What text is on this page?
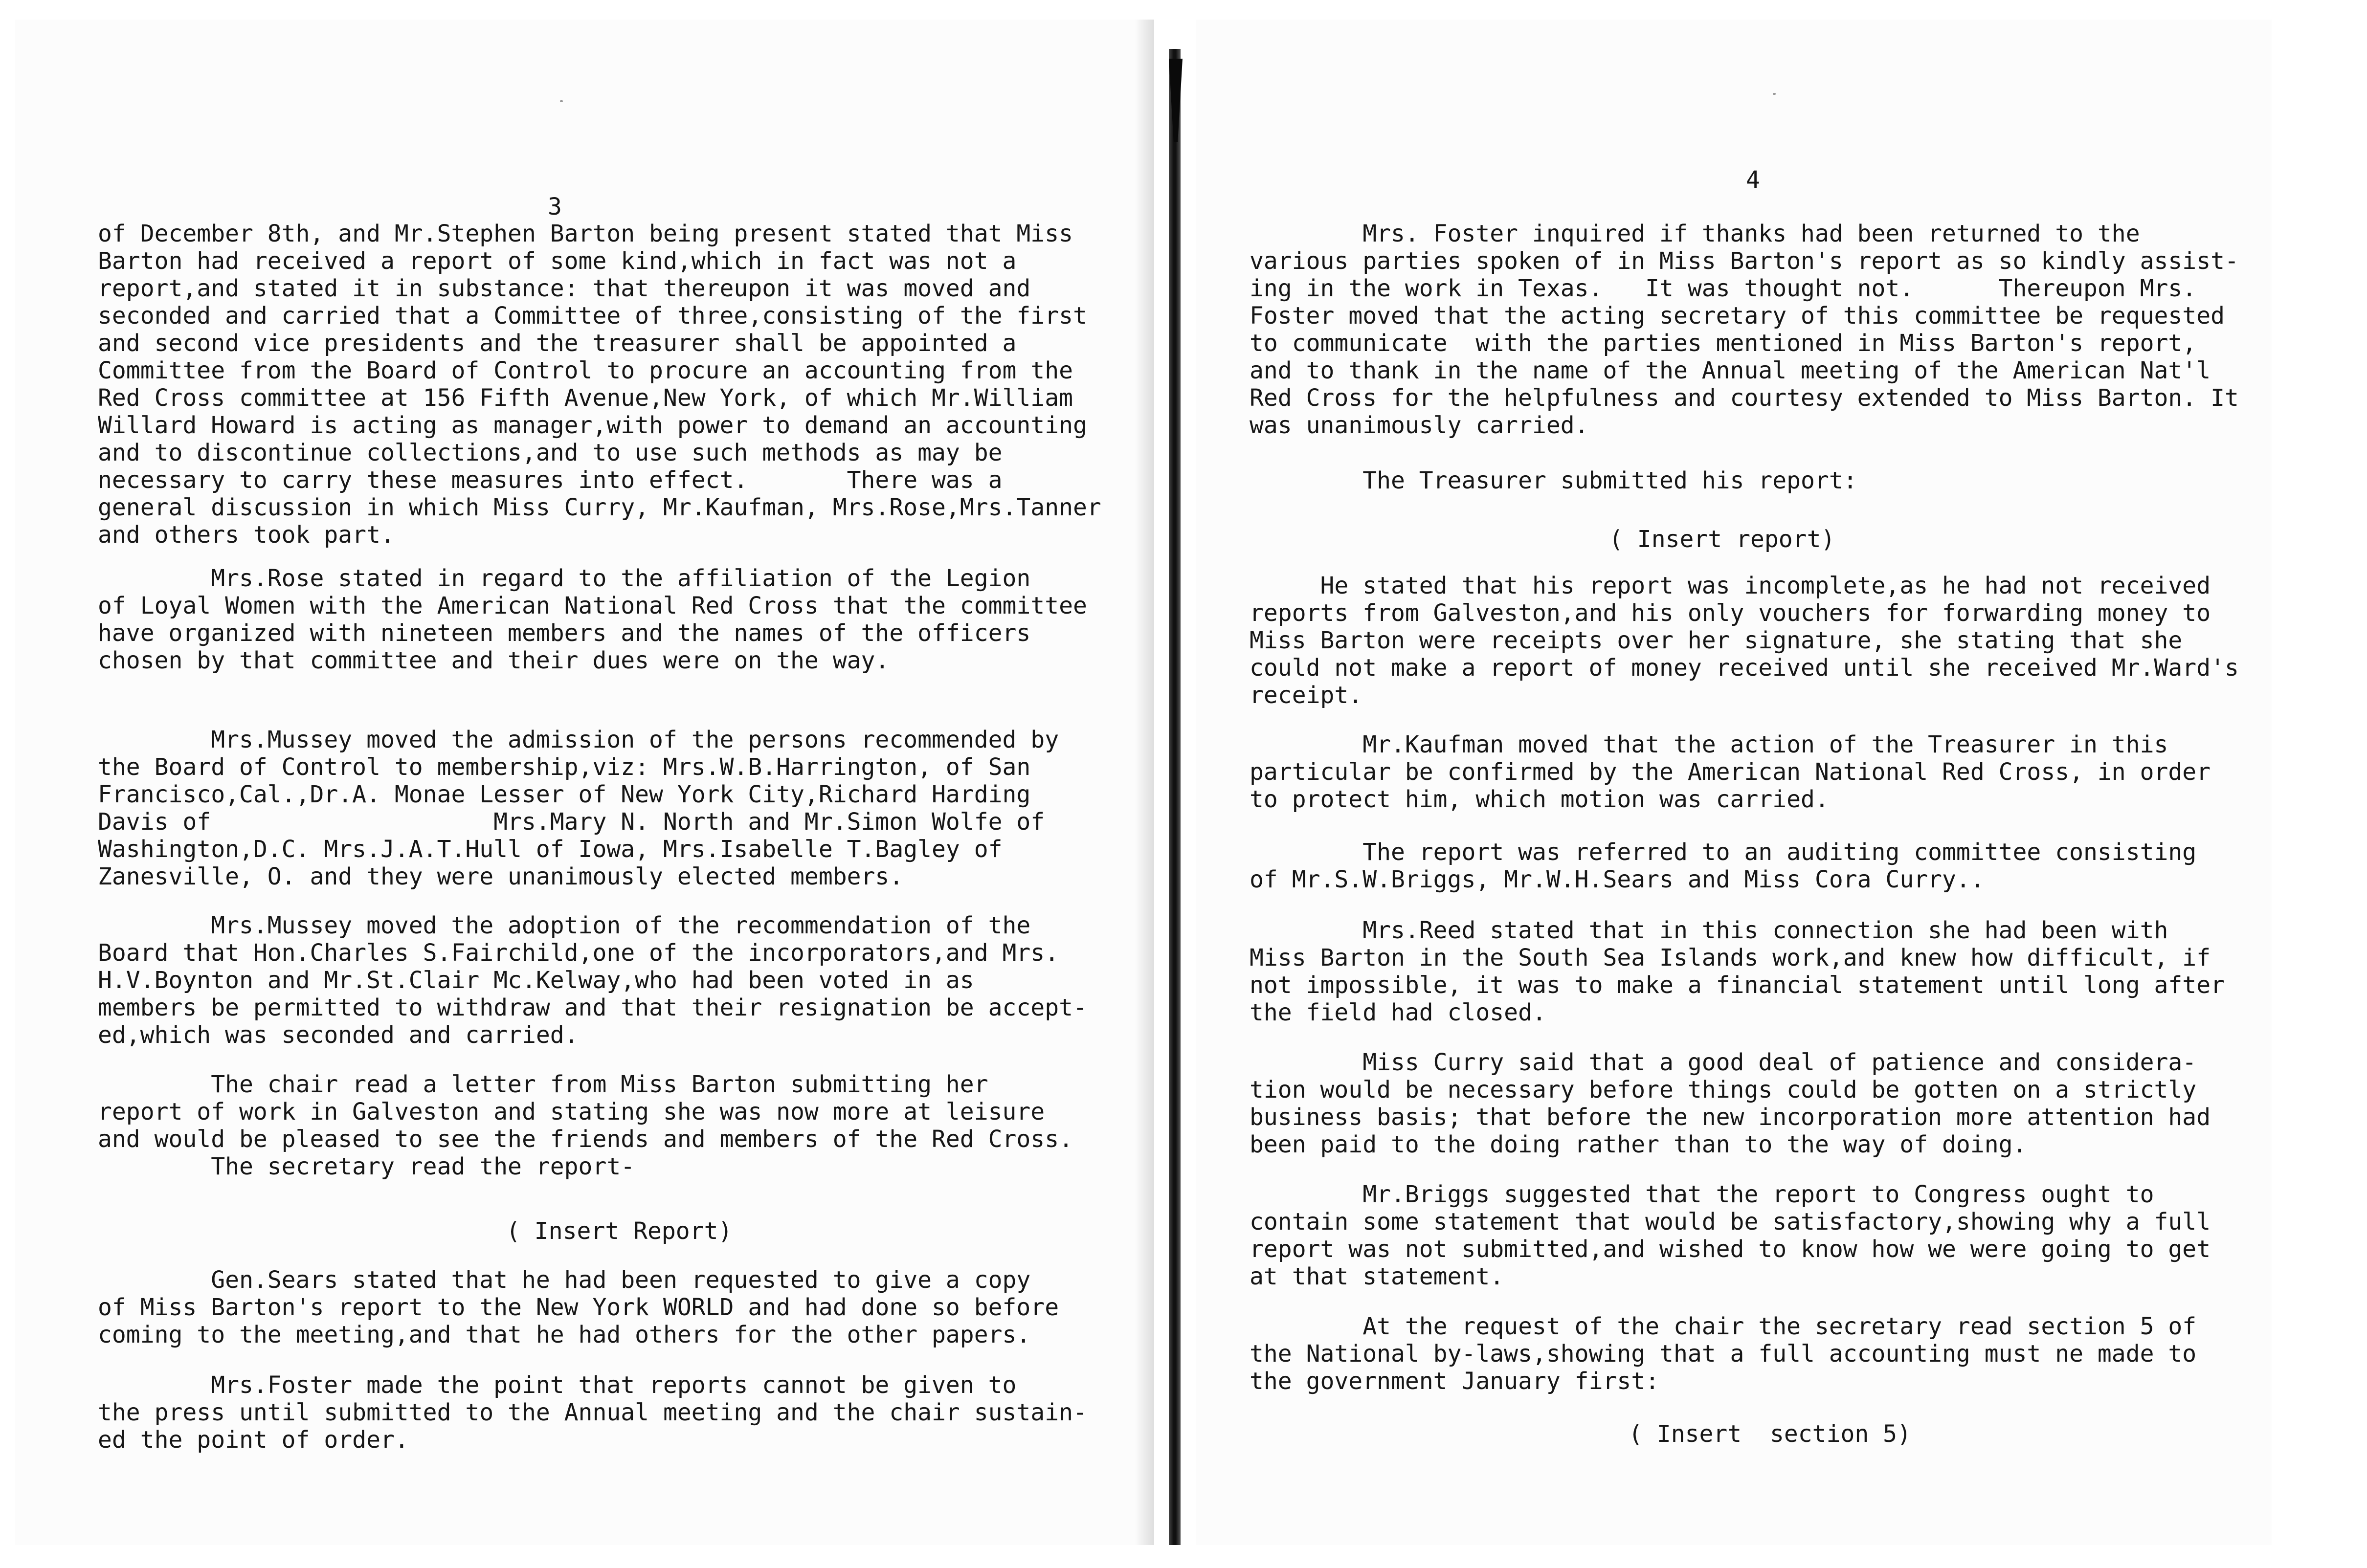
3

of December 8th, and Mr.Stephen Barton being present stated that Miss
Barton had received a report of some kind,which in fact was not a
report,and stated it in substance: that thereupon it was moved and
seconded and carried that a Committee of three,consisting of the first
and second vice presidents and the treasurer shall be appointed a
Committee from the Board of Control to procure an accounting from the
Red Cross committee at 156 Fifth Avenue,New York, of which Mr.William
Willard Howard is acting as manager,with power to demand an accounting
and to discontinue collections,and to use such methods as may be
necessary to carry these measures into effect.       There was a
general discussion in which Miss Curry, Mr.Kaufman, Mrs.Rose,Mrs.Tanner
and others took part.

Mrs.Rose stated in regard to the affiliation of the Legion
of Loyal Women with the American National Red Cross that the committee
have organized with nineteen members and the names of the officers
chosen by that committee and their dues were on the way.

Mrs.Mussey moved the admission of the persons recommended by
the Board of Control to membership,viz: Mrs.W.B.Harrington, of San
Francisco,Cal.,Dr.A. Monae Lesser of New York City,Richard Harding
Davis of                    Mrs.Mary N. North and Mr.Simon Wolfe of
Washington,D.C. Mrs.J.A.T.Hull of Iowa, Mrs.Isabelle T.Bagley of
Zanesville, O. and they were unanimously elected members.

Mrs.Mussey moved the adoption of the recommendation of the
Board that Hon.Charles S.Fairchild,one of the incorporators,and Mrs.
H.V.Boynton and Mr.St.Clair Mc.Kelway,who had been voted in as
members be permitted to withdraw and that their resignation be accept-
ed,which was seconded and carried.

The chair read a letter from Miss Barton submitting her
report of work in Galveston and stating she was now more at leisure
and would be pleased to see the friends and members of the Red Cross.
The secretary read the report-

( Insert Report)

Gen.Sears stated that he had been requested to give a copy
of Miss Barton's report to the New York WORLD and had done so before
coming to the meeting,and that he had others for the other papers.

Mrs.Foster made the point that reports cannot be given to
the press until submitted to the Annual meeting and the chair sustain-
ed the point of order.

4

Mrs. Foster inquired if thanks had been returned to the
various parties spoken of in Miss Barton's report as so kindly assist-
ing in the work in Texas.   It was thought not.      Thereupon Mrs.
Foster moved that the acting secretary of this committee be requested
to communicate  with the parties mentioned in Miss Barton's report,
and to thank in the name of the Annual meeting of the American Nat'l
Red Cross for the helpfulness and courtesy extended to Miss Barton. It
was unanimously carried.

The Treasurer submitted his report:

( Insert report)

He stated that his report was incomplete,as he had not received
reports from Galveston,and his only vouchers for forwarding money to
Miss Barton were receipts over her signature, she stating that she
could not make a report of money received until she received Mr.Ward's
receipt.

Mr.Kaufman moved that the action of the Treasurer in this
particular be confirmed by the American National Red Cross, in order
to protect him, which motion was carried.

The report was referred to an auditing committee consisting
of Mr.S.W.Briggs, Mr.W.H.Sears and Miss Cora Curry..

Mrs.Reed stated that in this connection she had been with
Miss Barton in the South Sea Islands work,and knew how difficult, if
not impossible, it was to make a financial statement until long after
the field had closed.

Miss Curry said that a good deal of patience and considera-
tion would be necessary before things could be gotten on a strictly
business basis; that before the new incorporation more attention had
been paid to the doing rather than to the way of doing.

Mr.Briggs suggested that the report to Congress ought to
contain some statement that would be satisfactory,showing why a full
report was not submitted,and wished to know how we were going to get
at that statement.

At the request of the chair the secretary read section 5 of
the National by-laws,showing that a full accounting must ne made to
the government January first:

( Insert  section 5)
